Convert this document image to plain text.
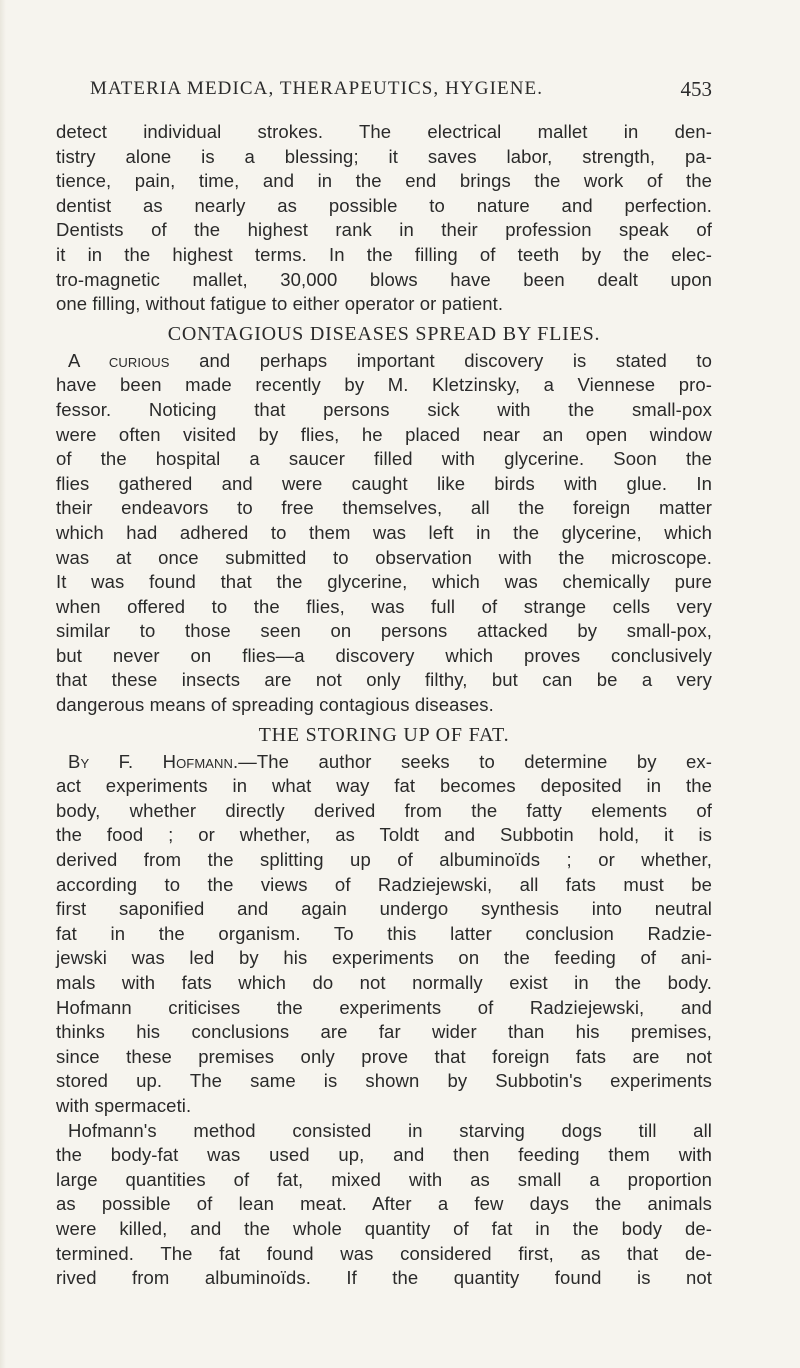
MATERIA MEDICA, THERAPEUTICS, HYGIENE.	453
detect individual strokes. The electrical mallet in den-
tistry alone is a blessing; it saves labor, strength, pa-
tience, pain, time, and in the end brings the work of the
dentist as nearly as possible to nature and perfection.
Dentists of the highest rank in their profession speak of
it in the highest terms. In the filling of teeth by the elec-
tro-magnetic mallet, 30,000 blows have been dealt upon
one filling, without fatigue to either operator or patient.
CONTAGIOUS DISEASES SPREAD BY FLIES.
A curious and perhaps important discovery is stated to
have been made recently by M. Kletzinsky, a Viennese pro-
fessor. Noticing that persons sick with the small-pox
were often visited by flies, he placed near an open window
of the hospital a saucer filled with glycerine. Soon the
flies gathered and were caught like birds with glue. In
their endeavors to free themselves, all the foreign matter
which had adhered to them was left in the glycerine, which
was at once submitted to observation with the microscope.
It was found that the glycerine, which was chemically pure
when offered to the flies, was full of strange cells very
similar to those seen on persons attacked by small-pox,
but never on flies—a discovery which proves conclusively
that these insects are not only filthy, but can be a very
dangerous means of spreading contagious diseases.
THE STORING UP OF FAT.
By F. Hofmann.—The author seeks to determine by ex-
act experiments in what way fat becomes deposited in the
body, whether directly derived from the fatty elements of
the food ; or whether, as Toldt and Subbotin hold, it is
derived from the splitting up of albuminoïds ; or whether,
according to the views of Radziejewski, all fats must be
first saponified and again undergo synthesis into neutral
fat in the organism. To this latter conclusion Radzie-
jewski was led by his experiments on the feeding of ani-
mals with fats which do not normally exist in the body.
Hofmann criticises the experiments of Radziejewski, and
thinks his conclusions are far wider than his premises,
since these premises only prove that foreign fats are not
stored up. The same is shown by Subbotin's experiments
with spermaceti.
Hofmann's method consisted in starving dogs till all
the body-fat was used up, and then feeding them with
large quantities of fat, mixed with as small a proportion
as possible of lean meat. After a few days the animals
were killed, and the whole quantity of fat in the body de-
termined. The fat found was considered first, as that de-
rived from albuminoïds. If the quantity found is not
